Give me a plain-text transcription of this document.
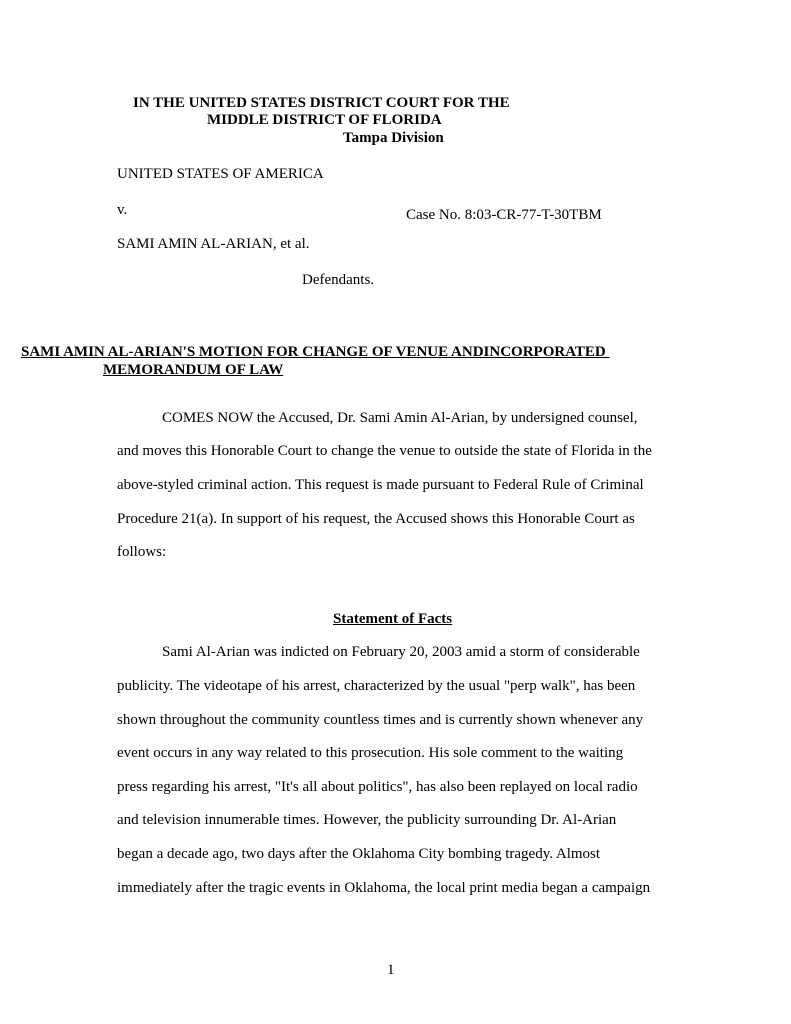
IN THE UNITED STATES DISTRICT COURT FOR THE
MIDDLE DISTRICT OF FLORIDA
Tampa Division
UNITED STATES OF AMERICA
v.	Case No. 8:03-CR-77-T-30TBM
SAMI AMIN AL-ARIAN, et al.
Defendants.
SAMI AMIN AL-ARIAN'S MOTION FOR CHANGE OF VENUE ANDINCORPORATED
MEMORANDUM OF LAW
COMES NOW the Accused, Dr. Sami Amin Al-Arian, by undersigned counsel,
and moves this Honorable Court to change the venue to outside the state of Florida in the
above-styled criminal action. This request is made pursuant to Federal Rule of Criminal
Procedure 21(a). In support of his request, the Accused shows this Honorable Court as
follows:
Statement of Facts
Sami Al-Arian was indicted on February 20, 2003 amid a storm of considerable
publicity. The videotape of his arrest, characterized by the usual "perp walk", has been
shown throughout the community countless times and is currently shown whenever any
event occurs in any way related to this prosecution. His sole comment to the waiting
press regarding his arrest, "It's all about politics", has also been replayed on local radio
and television innumerable times. However, the publicity surrounding Dr. Al-Arian
began a decade ago, two days after the Oklahoma City bombing tragedy. Almost
immediately after the tragic events in Oklahoma, the local print media began a campaign
1
